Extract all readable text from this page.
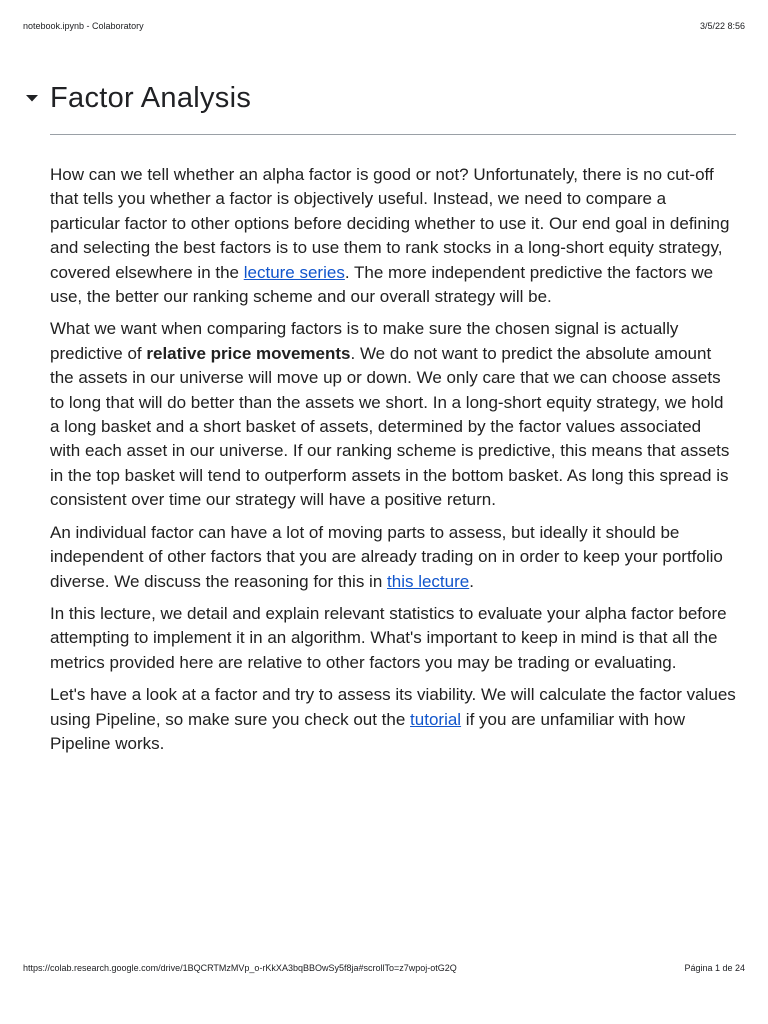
notebook.ipynb - Colaboratory	3/5/22 8:56
Factor Analysis

How can we tell whether an alpha factor is good or not? Unfortunately, there is no cut-off that tells you whether a factor is objectively useful. Instead, we need to compare a particular factor to other options before deciding whether to use it. Our end goal in defining and selecting the best factors is to use them to rank stocks in a long-short equity strategy, covered elsewhere in the lecture series. The more independent predictive the factors we use, the better our ranking scheme and our overall strategy will be.

What we want when comparing factors is to make sure the chosen signal is actually predictive of relative price movements. We do not want to predict the absolute amount the assets in our universe will move up or down. We only care that we can choose assets to long that will do better than the assets we short. In a long-short equity strategy, we hold a long basket and a short basket of assets, determined by the factor values associated with each asset in our universe. If our ranking scheme is predictive, this means that assets in the top basket will tend to outperform assets in the bottom basket. As long this spread is consistent over time our strategy will have a positive return.

An individual factor can have a lot of moving parts to assess, but ideally it should be independent of other factors that you are already trading on in order to keep your portfolio diverse. We discuss the reasoning for this in this lecture.

In this lecture, we detail and explain relevant statistics to evaluate your alpha factor before attempting to implement it in an algorithm. What's important to keep in mind is that all the metrics provided here are relative to other factors you may be trading or evaluating.

Let's have a look at a factor and try to assess its viability. We will calculate the factor values using Pipeline, so make sure you check out the tutorial if you are unfamiliar with how Pipeline works.

https://colab.research.google.com/drive/1BQCRTMzMVp_o-rKkXA3bqBBOwSy5f8ja#scrollTo=z7wpoj-otG2Q	Página 1 de 24
